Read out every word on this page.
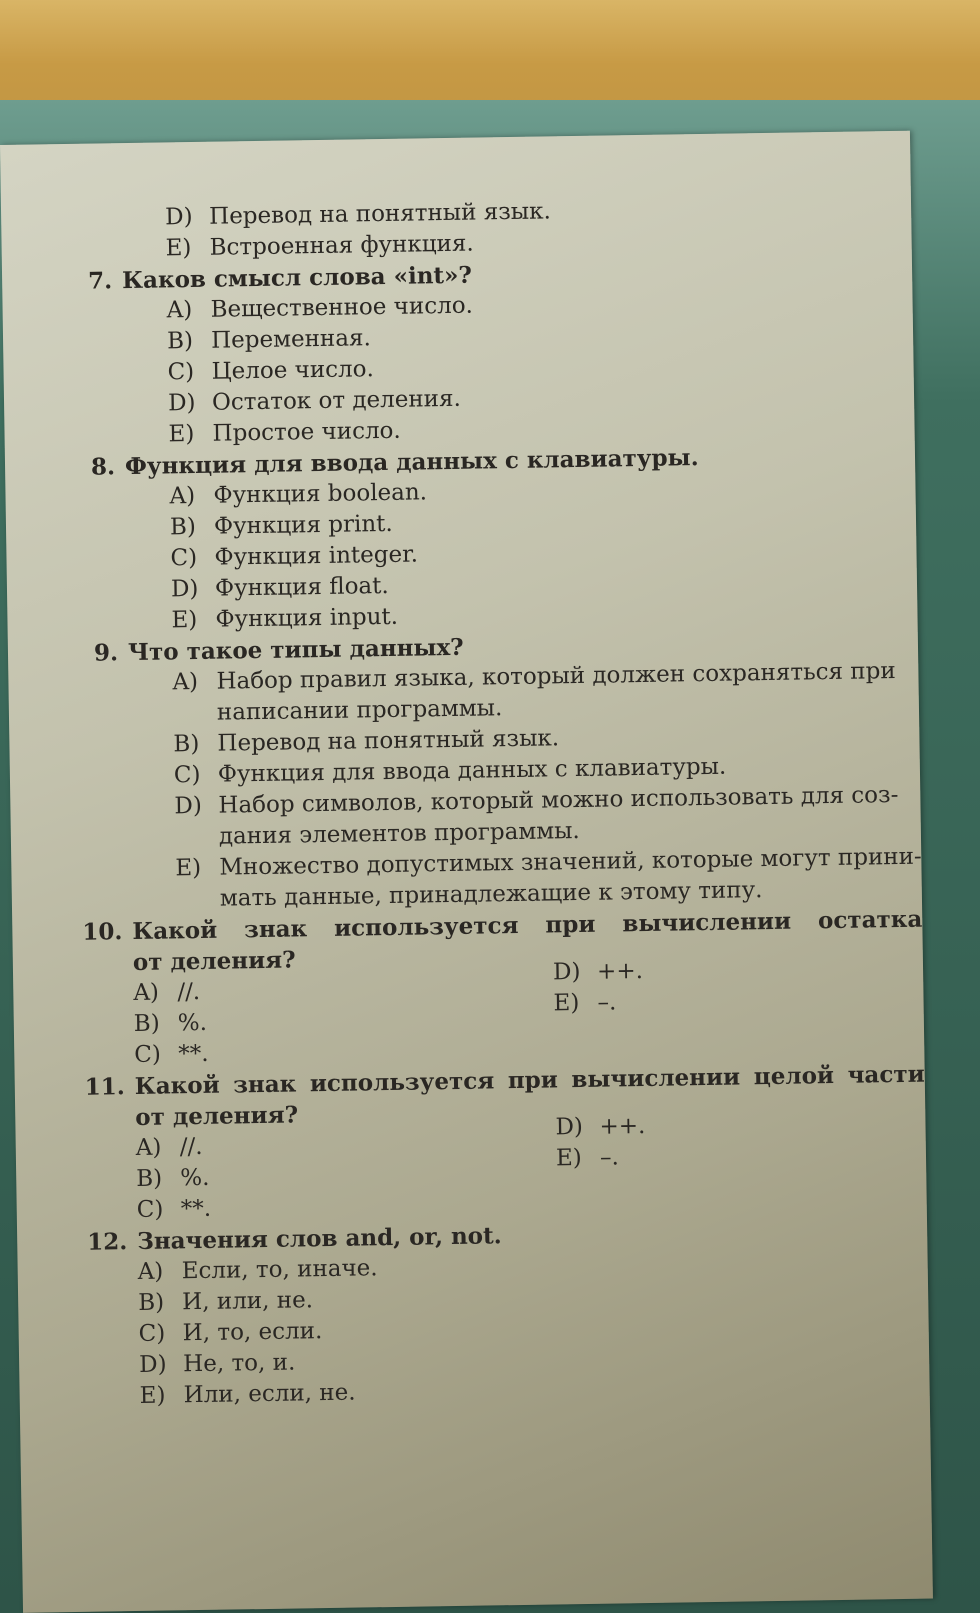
D) Перевод на понятный язык.
E) Встроенная функция.
7. Каков смысл слова «int»?
A) Вещественное число.
B) Переменная.
C) Целое число.
D) Остаток от деления.
E) Простое число.
8. Функция для ввода данных с клавиатуры.
A) Функция boolean.
B) Функция print.
C) Функция integer.
D) Функция float.
E) Функция input.
9. Что такое типы данных?
A) Набор правил языка, который должен сохраняться при
написании программы.
B) Перевод на понятный язык.
C) Функция для ввода данных с клавиатуры.
D) Набор символов, который можно использовать для соз-
дания элементов программы.
E) Множество допустимых значений, которые могут прини-
мать данные, принадлежащие к этому типу.
10. Какой знак используется при вычислении остатка
от деления?
A) //.
B) %.
C) **.
D) ++.
E) –.
11. Какой знак используется при вычислении целой части
от деления?
A) //.
B) %.
C) **.
D) ++.
E) –.
12. Значения слов and, or, not.
A) Если, то, иначе.
B) И, или, не.
C) И, то, если.
D) Не, то, и.
E) Или, если, не.
